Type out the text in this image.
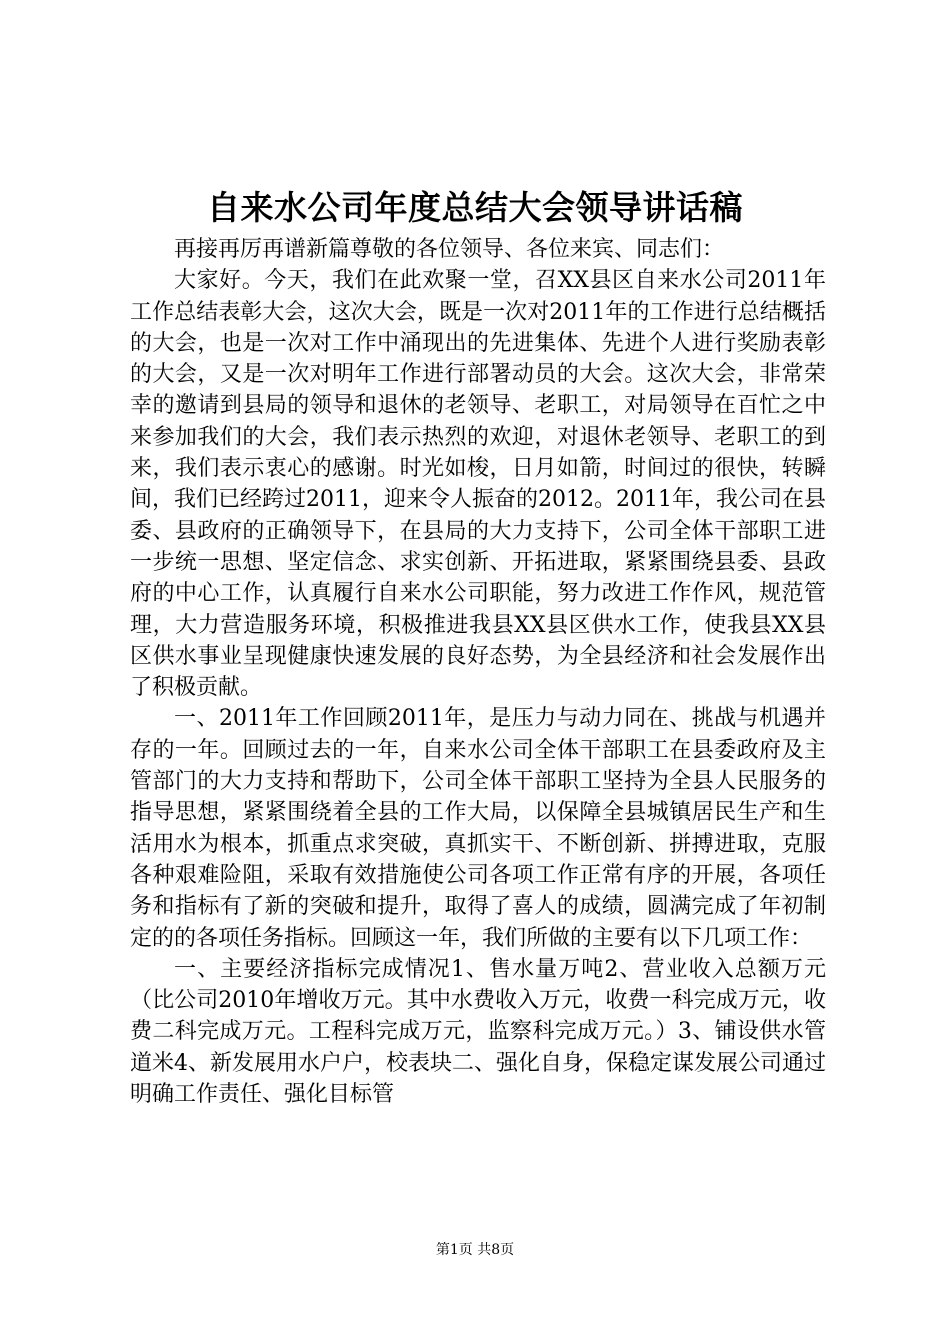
自来水公司年度总结大会领导讲话稿

再接再厉再谱新篇尊敬的各位领导、各位来宾、同志们：

大家好。今天，我们在此欢聚一堂，召XX县区自来水公司2011年工作总结表彰大会，这次大会，既是一次对2011年的工作进行总结概括的大会，也是一次对工作中涌现出的先进集体、先进个人进行奖励表彰的大会，又是一次对明年工作进行部署动员的大会。这次大会，非常荣幸的邀请到县局的领导和退休的老领导、老职工，对局领导在百忙之中来参加我们的大会，我们表示热烈的欢迎，对退休老领导、老职工的到来，我们表示衷心的感谢。时光如梭，日月如箭，时间过的很快，转瞬间，我们已经跨过2011，迎来令人振奋的2012。2011年，我公司在县委、县政府的正确领导下，在县局的大力支持下，公司全体干部职工进一步统一思想、坚定信念、求实创新、开拓进取，紧紧围绕县委、县政府的中心工作，认真履行自来水公司职能，努力改进工作作风，规范管理，大力营造服务环境，积极推进我县XX县区供水工作，使我县XX县区供水事业呈现健康快速发展的良好态势，为全县经济和社会发展作出了积极贡献。

一、2011年工作回顾2011年，是压力与动力同在、挑战与机遇并存的一年。回顾过去的一年，自来水公司全体干部职工在县委政府及主管部门的大力支持和帮助下，公司全体干部职工坚持为全县人民服务的指导思想，紧紧围绕着全县的工作大局，以保障全县城镇居民生产和生活用水为根本，抓重点求突破，真抓实干、不断创新、拼搏进取，克服各种艰难险阻，采取有效措施使公司各项工作正常有序的开展，各项任务和指标有了新的突破和提升，取得了喜人的成绩，圆满完成了年初制定的的各项任务指标。回顾这一年，我们所做的主要有以下几项工作：

一、主要经济指标完成情况1、售水量万吨2、营业收入总额万元（比公司2010年增收万元。其中水费收入万元，收费一科完成万元，收费二科完成万元。工程科完成万元，监察科完成万元。）3、铺设供水管道米4、新发展用水户户，校表块二、强化自身，保稳定谋发展公司通过明确工作责任、强化目标管

第1页 共8页
